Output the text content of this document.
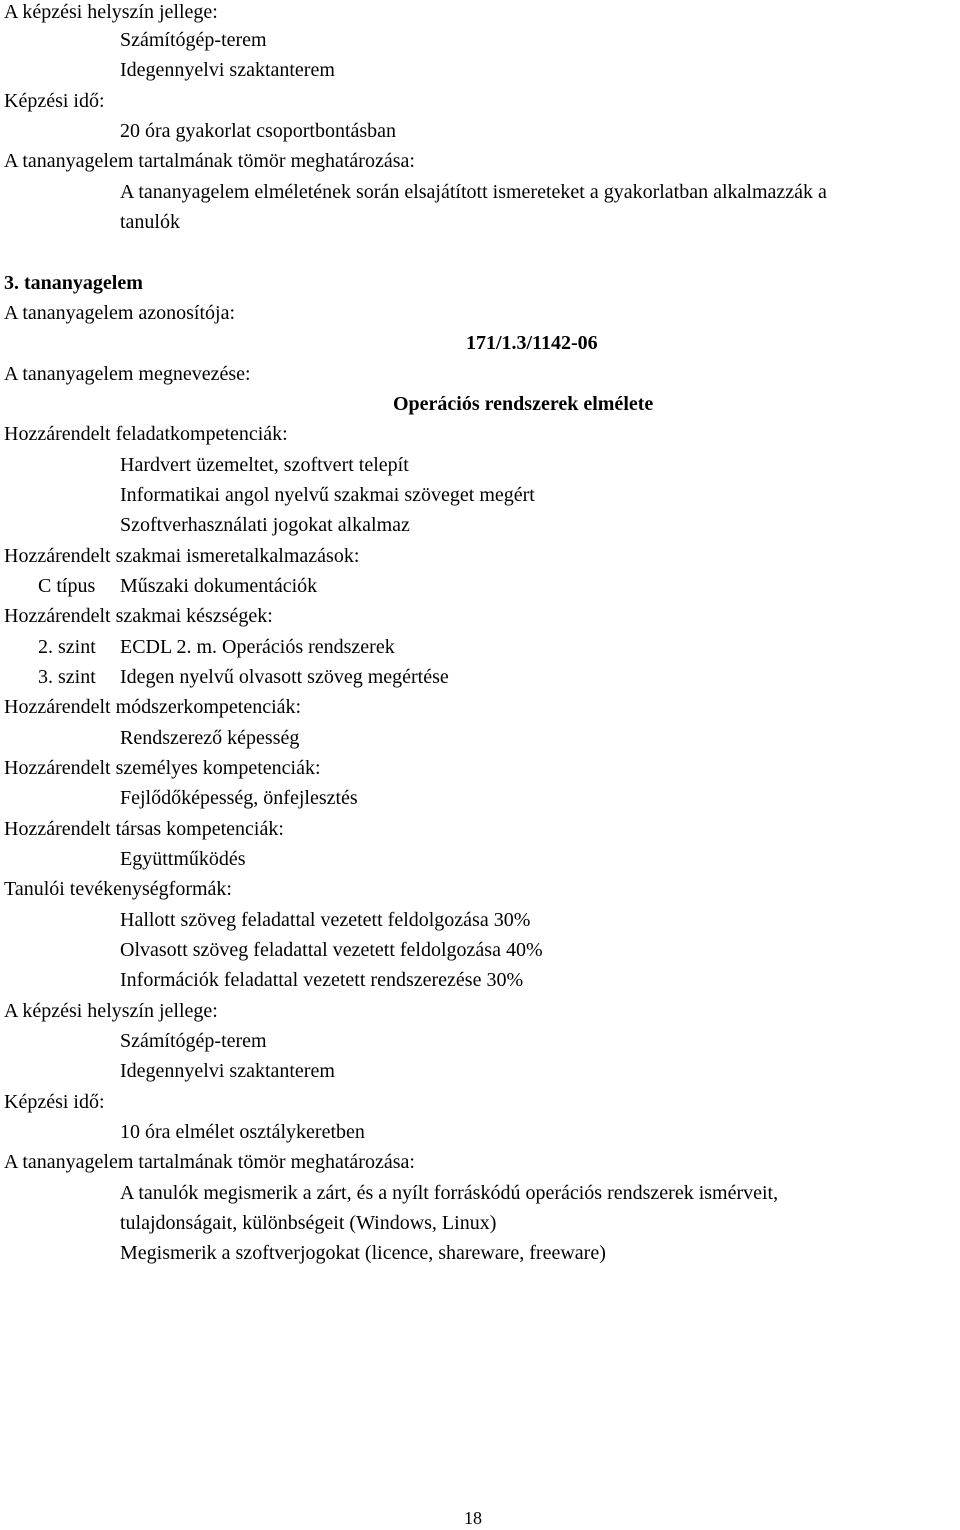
A képzési helyszín jellege:
Számítógép-terem
Idegennyelvi szaktanterem
Képzési idő:
20 óra gyakorlat csoportbontásban
A tananyagelem tartalmának tömör meghatározása:
A tananyagelem elméletének során elsajátított ismereteket a gyakorlatban alkalmazzák a
tanulók
3. tananyagelem
A tananyagelem azonosítója:
171/1.3/1142-06
A tananyagelem megnevezése:
Operációs rendszerek elmélete
Hozzárendelt feladatkompetenciák:
Hardvert üzemeltet, szoftvert telepít
Informatikai angol nyelvű szakmai szöveget megért
Szoftverhasználati jogokat alkalmaz
Hozzárendelt szakmai ismeretalkalmazások:
C típus Műszaki dokumentációk
Hozzárendelt szakmai készségek:
2. szint ECDL 2. m. Operációs rendszerek
3. szint Idegen nyelvű olvasott szöveg megértése
Hozzárendelt módszerkompetenciák:
Rendszerező képesség
Hozzárendelt személyes kompetenciák:
Fejlődőképesség, önfejlesztés
Hozzárendelt társas kompetenciák:
Együttműködés
Tanulói tevékenységformák:
Hallott szöveg feladattal vezetett feldolgozása 30%
Olvasott szöveg feladattal vezetett feldolgozása 40%
Információk feladattal vezetett rendszerezése 30%
A képzési helyszín jellege:
Számítógép-terem
Idegennyelvi szaktanterem
Képzési idő:
10 óra elmélet osztálykeretben
A tananyagelem tartalmának tömör meghatározása:
A tanulók megismerik a zárt, és a nyílt forráskódú operációs rendszerek ismérveit,
tulajdonságait, különbségeit (Windows, Linux)
Megismerik a szoftverjogokat (licence, shareware, freeware)
18
